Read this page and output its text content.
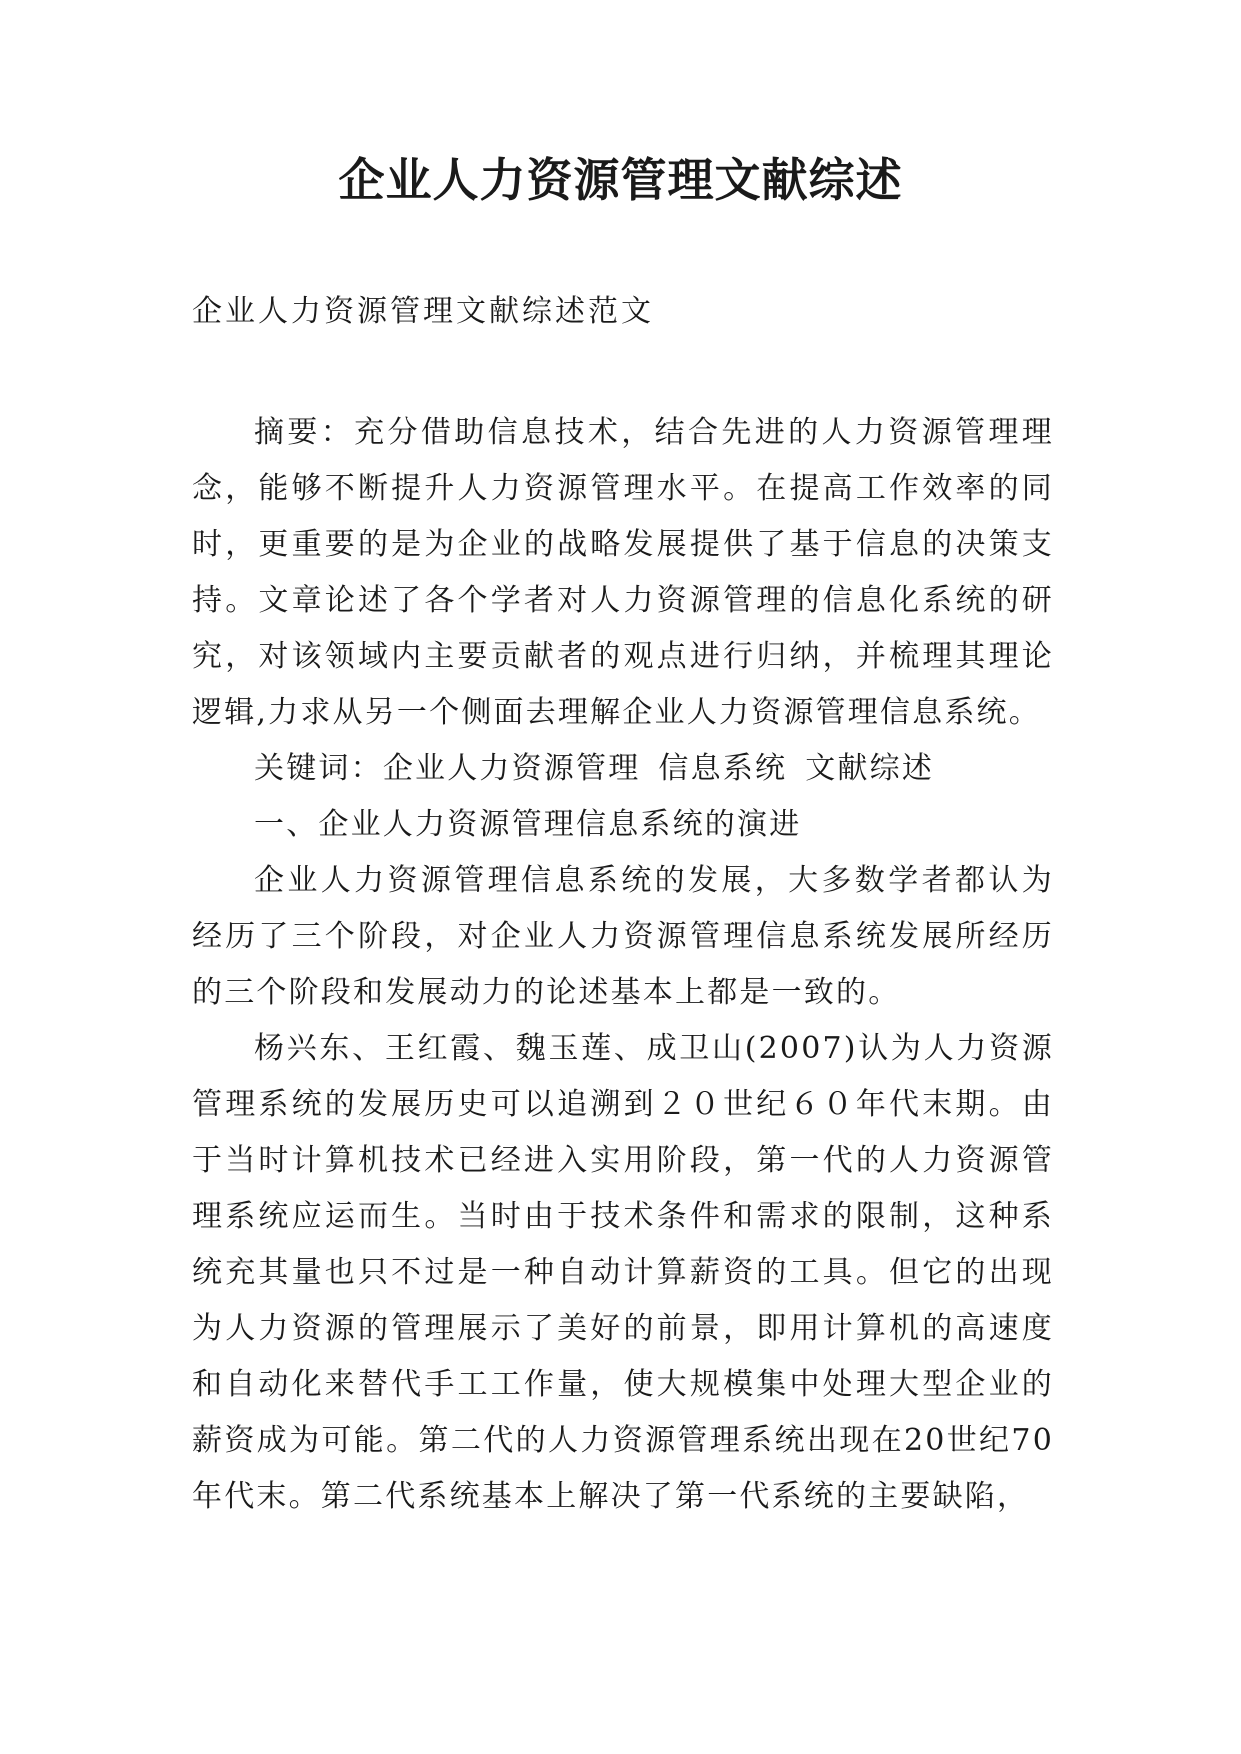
企业人力资源管理文献综述

企业人力资源管理文献综述范文

摘要：充分借助信息技术，结合先进的人力资源管理理念，能够不断提升人力资源管理水平。在提高工作效率的同时，更重要的是为企业的战略发展提供了基于信息的决策支持。文章论述了各个学者对人力资源管理的信息化系统的研究，对该领域内主要贡献者的观点进行归纳，并梳理其理论逻辑,力求从另一个侧面去理解企业人力资源管理信息系统。

关键词：企业人力资源管理 信息系统 文献综述

一、企业人力资源管理信息系统的演进

企业人力资源管理信息系统的发展，大多数学者都认为经历了三个阶段，对企业人力资源管理信息系统发展所经历的三个阶段和发展动力的论述基本上都是一致的。

杨兴东、王红霞、魏玉莲、成卫山(2007)认为人力资源管理系统的发展历史可以追溯到２０世纪６０年代末期。由于当时计算机技术已经进入实用阶段，第一代的人力资源管理系统应运而生。当时由于技术条件和需求的限制，这种系统充其量也只不过是一种自动计算薪资的工具。但它的出现为人力资源的管理展示了美好的前景，即用计算机的高速度和自动化来替代手工工作量，使大规模集中处理大型企业的薪资成为可能。第二代的人力资源管理系统出现在20世纪70年代末。第二代系统基本上解决了第一代系统的主要缺陷，
